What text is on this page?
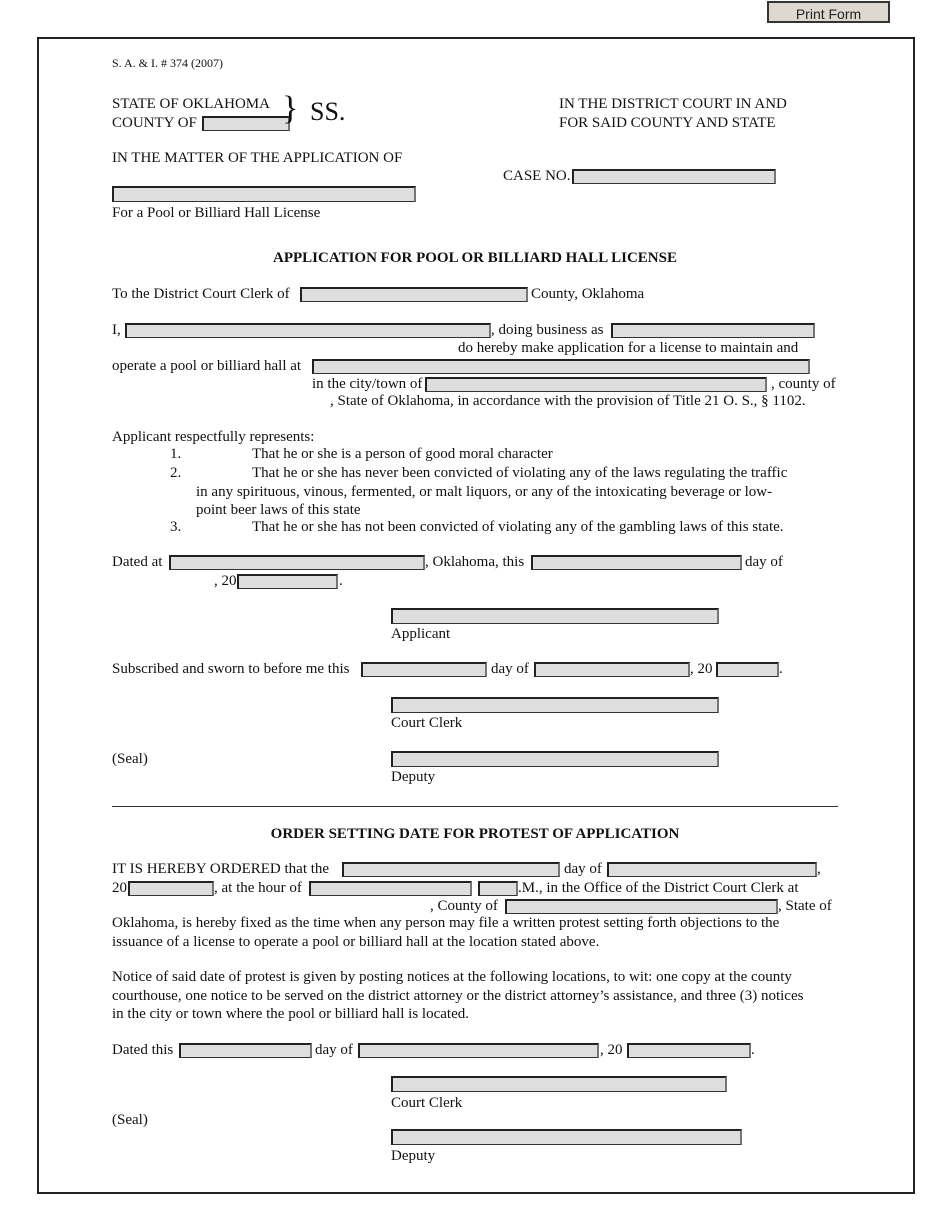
Print Form
S. A. & I. # 374 (2007)
STATE OF OKLAHOMA
COUNTY OF	} SS.	IN THE DISTRICT COURT IN AND
FOR SAID COUNTY AND STATE
IN THE MATTER OF THE APPLICATION OF
CASE NO.
For a Pool or Billiard Hall License
APPLICATION FOR POOL OR BILLIARD HALL LICENSE
To the District Court Clerk of	County, Oklahoma
I,	, doing business as
do hereby make application for a license to maintain and
operate a pool or billiard hall at
in the city/town of	, county of
, State of Oklahoma, in accordance with the provision of Title 21 O. S., § 1102.
Applicant respectfully represents:
1.	That he or she is a person of good moral character
2.	That he or she has never been convicted of violating any of the laws regulating the traffic
in any spirituous, vinous, fermented, or malt liquors, or any of the intoxicating beverage or low-
point beer laws of this state
3.	That he or she has not been convicted of violating any of the gambling laws of this state.
Dated at	, Oklahoma, this	day of
, 20	.
Applicant
Subscribed and sworn to before me this	day of	, 20	.
Court Clerk
(Seal)
Deputy
ORDER SETTING DATE FOR PROTEST OF APPLICATION
IT IS HEREBY ORDERED that the	day of	,
20	, at the hour of	.M., in the Office of the District Court Clerk at
, County of	, State of
Oklahoma, is hereby fixed as the time when any person may file a written protest setting forth objections to the
issuance of a license to operate a pool or billiard hall at the location stated above.
Notice of said date of protest is given by posting notices at the following locations, to wit: one copy at the county
courthouse, one notice to be served on the district attorney or the district attorney’s assistance, and three (3) notices
in the city or town where the pool or billiard hall is located.
Dated this	day of	, 20	.
Court Clerk
(Seal)
Deputy
